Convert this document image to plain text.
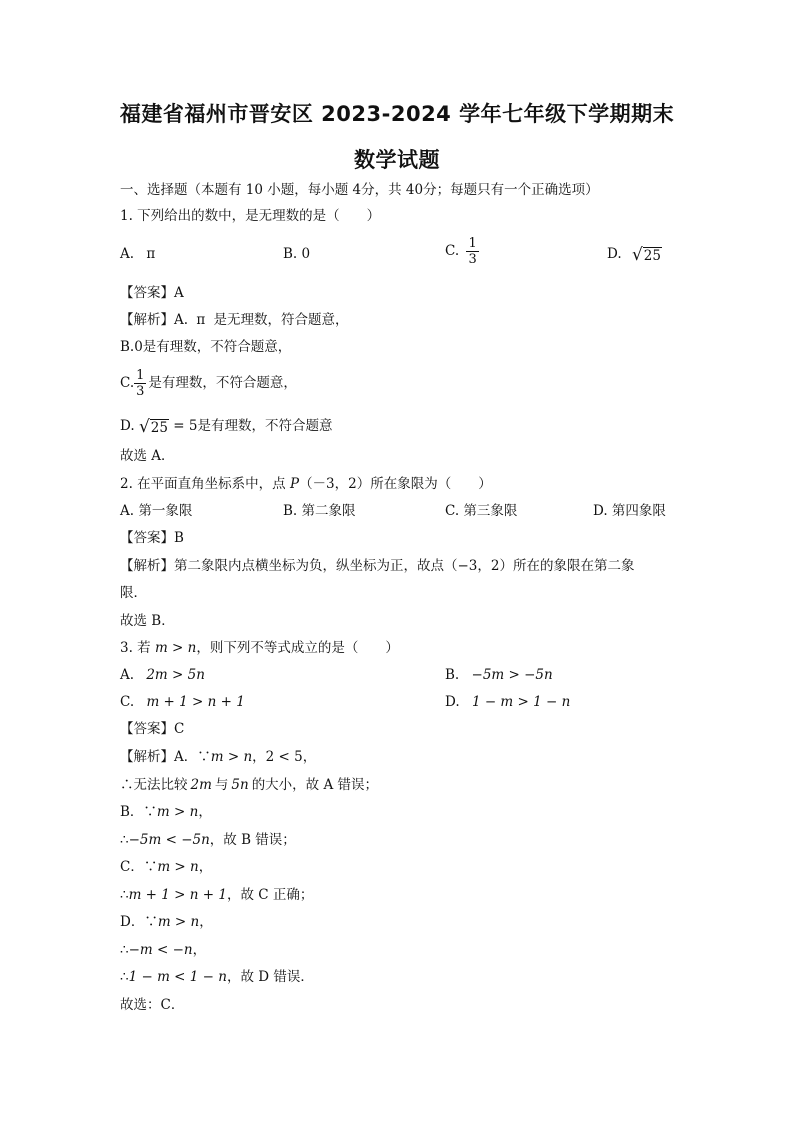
福建省福州市晋安区 2023-2024 学年七年级下学期期末
数学试题
一、选择题（本题有 10 小题，每小题 4分，共 40分；每题只有一个正确选项）
1. 下列给出的数中，是无理数的是（　　）
A. π	B. 0	C. $\frac{1}{3}$	D. √ 25
【答案】A
【解析】A. π 是无理数，符合题意，
B.0是有理数，不符合题意，
C. $\frac{1}{3}$ 是有理数，不符合题意，
D. √ 25 = 5是有理数，不符合题意
故选 A．
2. 在平面直角坐标系中，点 P（－3，2）所在象限为（　　）
A. 第一象限	B. 第二象限	C. 第三象限	D. 第四象限
【答案】B
【解析】第二象限内点横坐标为负，纵坐标为正，故点（−3，2）所在的象限在第二象
限．
故选 B．
3. 若 m > n，则下列不等式成立的是（　　）
A. 2m > 5n	B. −5m > −5n
C. m + 1 > n + 1	D. 1 − m > 1 − n
【答案】C
【解析】A．∵m > n，2 < 5，
∴无法比较 2m 与 5n 的大小，故 A 错误；
B．∵m > n，
∴−5m < −5n，故 B 错误；
C．∵m > n，
∴m + 1 > n + 1，故 C 正确；
D．∵m > n，
∴−m < −n，
∴1 − m < 1 − n，故 D 错误．
故选：C．
